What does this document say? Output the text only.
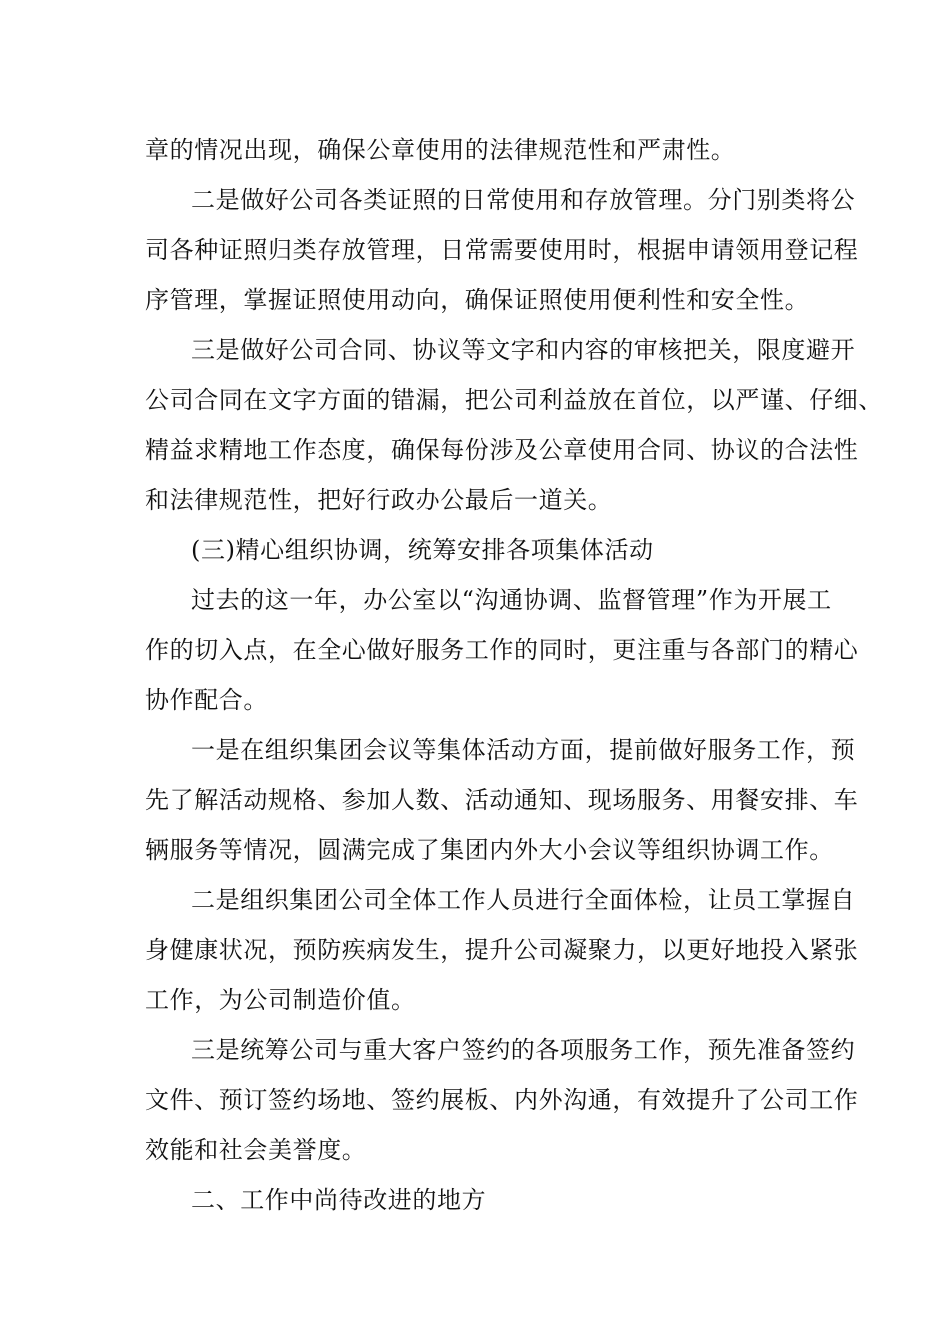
章的情况出现，确保公章使用的法律规范性和严肃性。

二是做好公司各类证照的日常使用和存放管理。分门别类将公

司各种证照归类存放管理，日常需要使用时，根据申请领用登记程

序管理，掌握证照使用动向，确保证照使用便利性和安全性。

三是做好公司合同、协议等文字和内容的审核把关，限度避开

公司合同在文字方面的错漏，把公司利益放在首位，以严谨、仔细、

精益求精地工作态度，确保每份涉及公章使用合同、协议的合法性

和法律规范性，把好行政办公最后一道关。

(三)精心组织协调，统筹安排各项集体活动

过去的这一年，办公室以“沟通协调、监督管理”作为开展工

作的切入点，在全心做好服务工作的同时，更注重与各部门的精心

协作配合。

一是在组织集团会议等集体活动方面，提前做好服务工作，预

先了解活动规格、参加人数、活动通知、现场服务、用餐安排、车

辆服务等情况，圆满完成了集团内外大小会议等组织协调工作。

二是组织集团公司全体工作人员进行全面体检，让员工掌握自

身健康状况，预防疾病发生，提升公司凝聚力，以更好地投入紧张

工作，为公司制造价值。

三是统筹公司与重大客户签约的各项服务工作，预先准备签约

文件、预订签约场地、签约展板、内外沟通，有效提升了公司工作

效能和社会美誉度。

二、工作中尚待改进的地方
